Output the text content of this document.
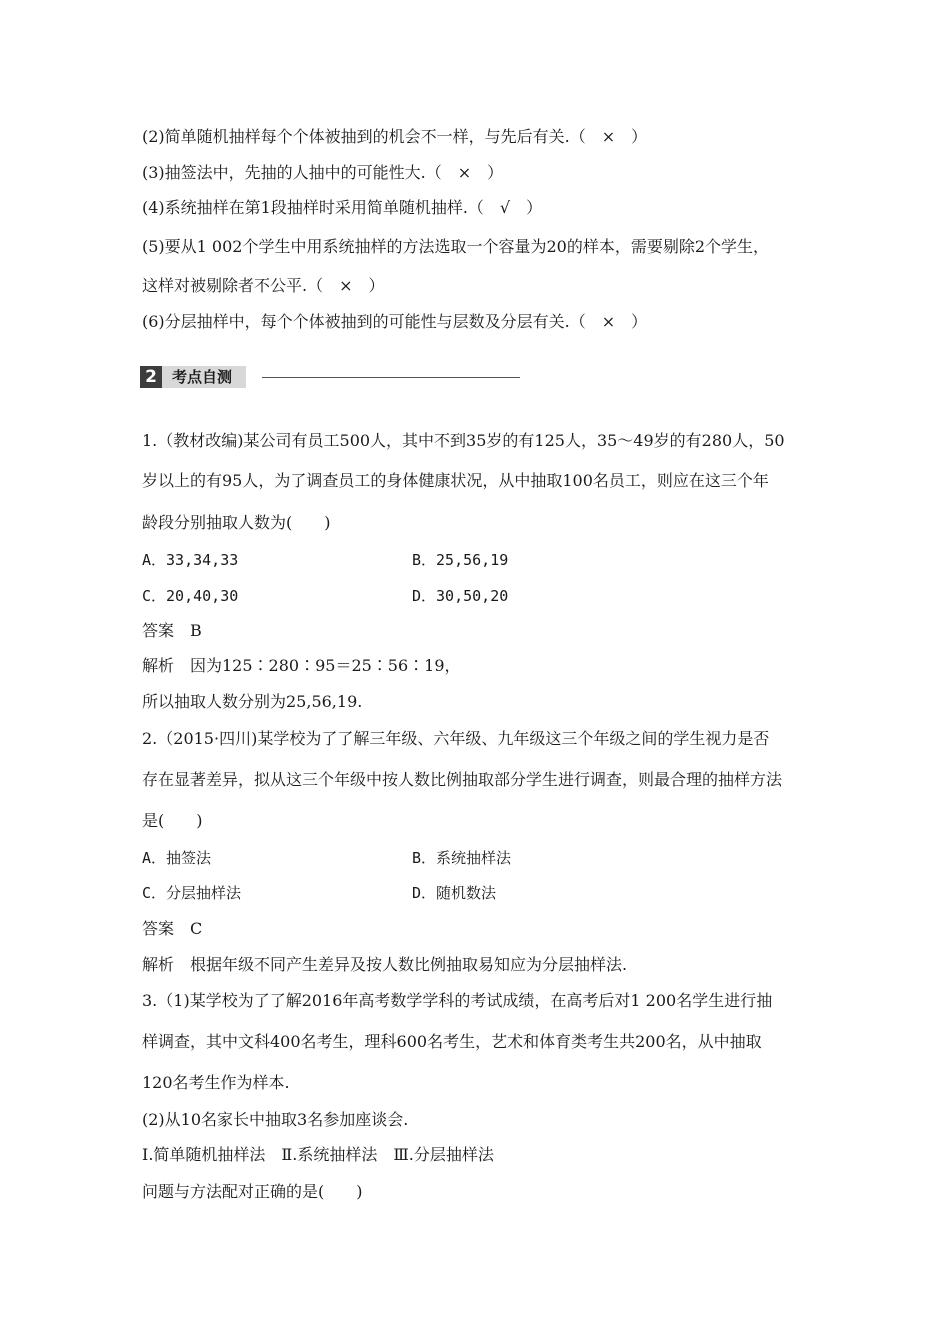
(2)简单随机抽样每个个体被抽到的机会不一样，与先后有关.（　×　）
(3)抽签法中，先抽的人抽中的可能性大.（　×　）
(4)系统抽样在第1段抽样时采用简单随机抽样.（　√　）
(5)要从1 002个学生中用系统抽样的方法选取一个容量为20的样本，需要剔除2个学生，
这样对被剔除者不公平.（　×　）
(6)分层抽样中，每个个体被抽到的可能性与层数及分层有关.（　×　）
2	考点自测
1.（教材改编)某公司有员工500人，其中不到35岁的有125人，35～49岁的有280人，50
岁以上的有95人，为了调查员工的身体健康状况，从中抽取100名员工，则应在这三个年
龄段分别抽取人数为(　　)
A．33,34,33	B．25,56,19
C．20,40,30	D．30,50,20
答案　B
解析　因为125∶280∶95＝25∶56∶19，
所以抽取人数分别为25,56,19.
2.（2015·四川)某学校为了了解三年级、六年级、九年级这三个年级之间的学生视力是否
存在显著差异，拟从这三个年级中按人数比例抽取部分学生进行调查，则最合理的抽样方法
是(　　)
A．抽签法	B．系统抽样法
C．分层抽样法	D．随机数法
答案　C
解析　根据年级不同产生差异及按人数比例抽取易知应为分层抽样法.
3.（1)某学校为了了解2016年高考数学学科的考试成绩，在高考后对1 200名学生进行抽
样调查，其中文科400名考生，理科600名考生，艺术和体育类考生共200名，从中抽取
120名考生作为样本.
(2)从10名家长中抽取3名参加座谈会.
Ⅰ.简单随机抽样法　Ⅱ.系统抽样法　Ⅲ.分层抽样法
问题与方法配对正确的是(　　)
